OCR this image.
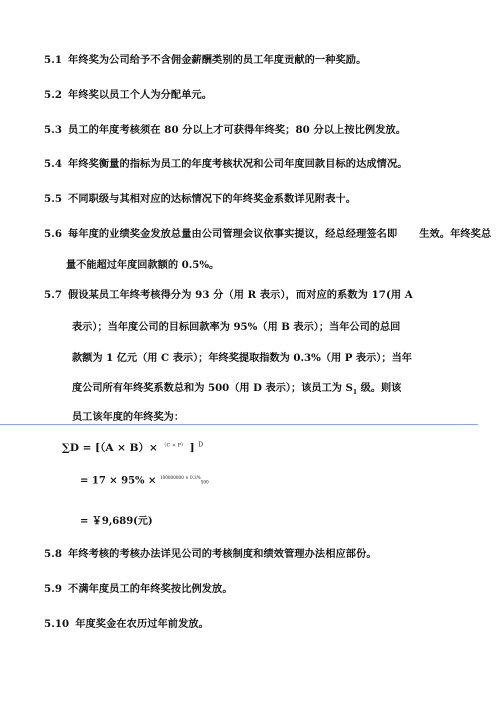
5.1 年终奖为公司给予不含佣金薪酬类别的员工年度贡献的一种奖励。
5.2 年终奖以员工个人为分配单元。
5.3 员工的年度考核须在 80 分以上才可获得年终奖；80 分以上按比例发放。
5.4 年终奖衡量的指标为员工的年度考核状况和公司年度回款目标的达成情况。
5.5 不同职级与其相对应的达标情况下的年终奖金系数详见附表十。
5.6 每年度的业绩奖金发放总量由公司管理会议依事实提议，经总经理签名即 生效。年终奖总
量不能超过年度回款额的 0.5%。
5.7 假设某员工年终考核得分为 93 分（用 R 表示），而对应的系数为 17(用 A
表示）；当年度公司的目标回款率为 95%（用 B 表示）；当年公司的总回
款额为 1 亿元（用 C 表示）；年终奖提取指数为 0.3%（用 P 表示）；当年
度公司所有年终奖系数总和为 500（用 D 表示）；该员工为 $S_1$ 级。则该
员工该年度的年终奖为：
∑D = [（A × B）× $^{(C \times P)}$ ] $^D$
= 17 × 95% × $^{100000000 \times 0.3\%}$500
= ￥9,689(元)
5.8 年终考核的考核办法详见公司的考核制度和绩效管理办法相应部份。
5.9 不满年度员工的年终奖按比例发放。
5.10 年度奖金在农历过年前发放。
